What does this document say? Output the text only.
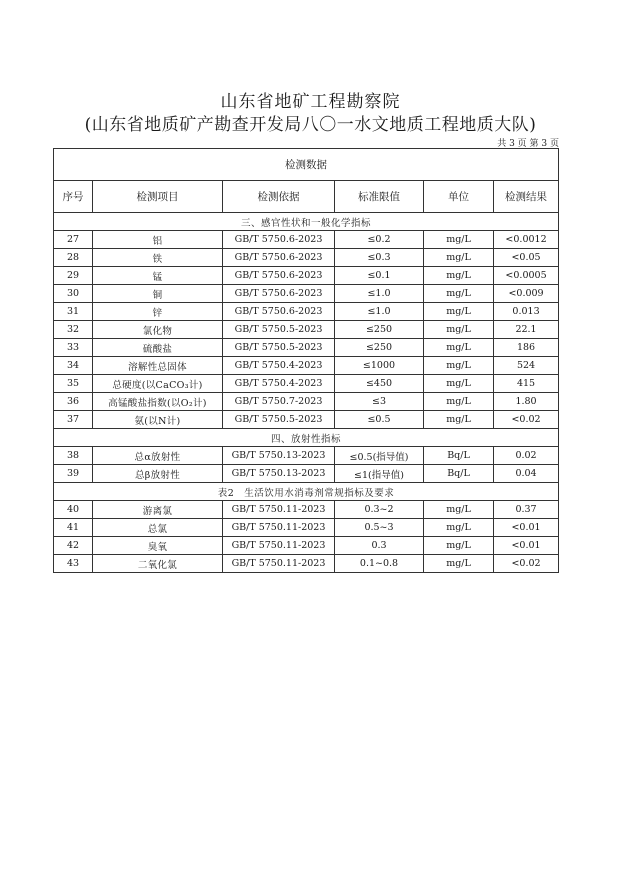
山东省地矿工程勘察院
(山东省地质矿产勘查开发局八〇一水文地质工程地质大队)
共 3 页 第 3 页
检测数据					
序号	检测项目	检测依据	标准限值	单位	检测结果
三、感官性状和一般化学指标					
27	铝	GB/T 5750.6-2023	≤0.2	mg/L	<0.0012
28	铁	GB/T 5750.6-2023	≤0.3	mg/L	<0.05
29	锰	GB/T 5750.6-2023	≤0.1	mg/L	<0.0005
30	铜	GB/T 5750.6-2023	≤1.0	mg/L	<0.009
31	锌	GB/T 5750.6-2023	≤1.0	mg/L	0.013
32	氯化物	GB/T 5750.5-2023	≤250	mg/L	22.1
33	硫酸盐	GB/T 5750.5-2023	≤250	mg/L	186
34	溶解性总固体	GB/T 5750.4-2023	≤1000	mg/L	524
35	总硬度(以CaCO₃计)	GB/T 5750.4-2023	≤450	mg/L	415
36	高锰酸盐指数(以O₂计)	GB/T 5750.7-2023	≤3	mg/L	1.80
37	氨(以N计)	GB/T 5750.5-2023	≤0.5	mg/L	<0.02
四、放射性指标					
38	总α放射性	GB/T 5750.13-2023	≤0.5(指导值)	Bq/L	0.02
39	总β放射性	GB/T 5750.13-2023	≤1(指导值)	Bq/L	0.04
表2　生活饮用水消毒剂常规指标及要求					
40	游离氯	GB/T 5750.11-2023	0.3~2	mg/L	0.37
41	总氯	GB/T 5750.11-2023	0.5~3	mg/L	<0.01
42	臭氧	GB/T 5750.11-2023	0.3	mg/L	<0.01
43	二氧化氯	GB/T 5750.11-2023	0.1~0.8	mg/L	<0.02
